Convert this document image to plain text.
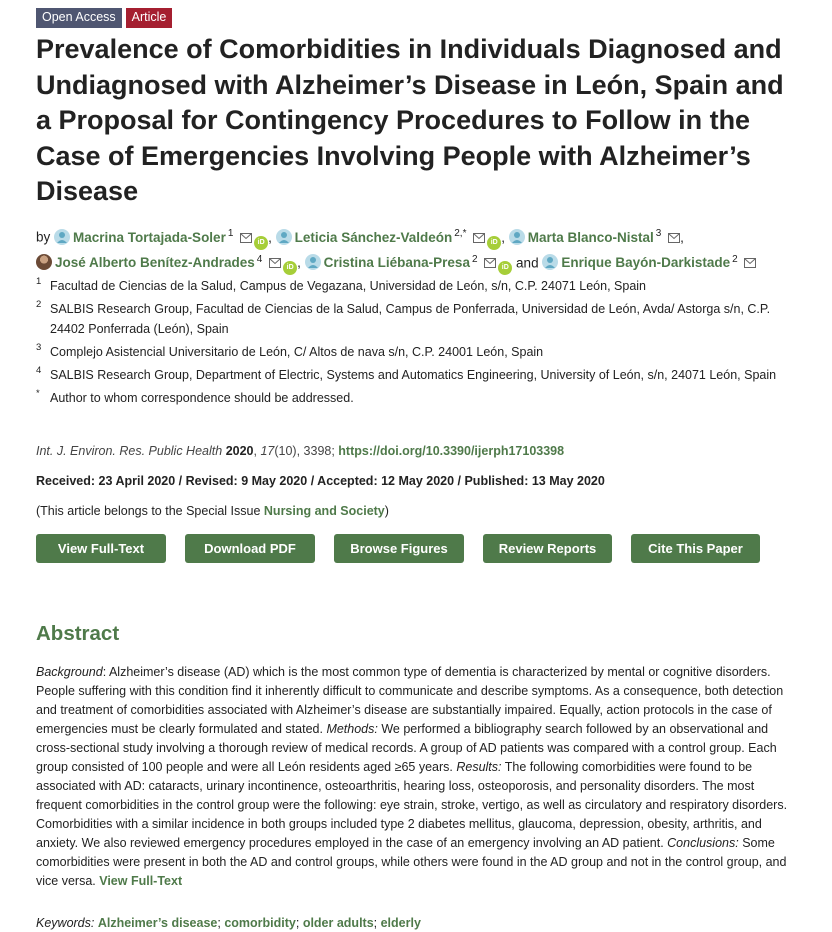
Open Access	Article
Prevalence of Comorbidities in Individuals Diagnosed and Undiagnosed with Alzheimer’s Disease in León, Spain and a Proposal for Contingency Procedures to Follow in the Case of Emergencies Involving People with Alzheimer’s Disease
by Macrina Tortajada-Soler $^1$ iD , Leticia Sánchez-Valdeón $^{2,*}$ iD , Marta Blanco-Nistal $^3$ ,
José Alberto Benítez-Andrades $^4$ iD , Cristina Liébana-Presa $^2$ iD and Enrique Bayón-Darkistade $^2$
1 Facultad de Ciencias de la Salud, Campus de Vegazana, Universidad de León, s/n, C.P. 24071 León, Spain
2 SALBIS Research Group, Facultad de Ciencias de la Salud, Campus de Ponferrada, Universidad de León, Avda/ Astorga s/n, C.P. 24402 Ponferrada (León), Spain
3 Complejo Asistencial Universitario de León, C/ Altos de nava s/n, C.P. 24001 León, Spain
4 SALBIS Research Group, Department of Electric, Systems and Automatics Engineering, University of León, s/n, 24071 León, Spain
* Author to whom correspondence should be addressed.
Int. J. Environ. Res. Public Health 2020, 17(10), 3398; https://doi.org/10.3390/ijerph17103398
Received: 23 April 2020 / Revised: 9 May 2020 / Accepted: 12 May 2020 / Published: 13 May 2020
(This article belongs to the Special Issue Nursing and Society)
View Full-Text	Download PDF	Browse Figures	Review Reports	Cite This Paper
Abstract

Background: Alzheimer’s disease (AD) which is the most common type of dementia is characterized by mental or cognitive disorders. People suffering with this condition find it inherently difficult to communicate and describe symptoms. As a consequence, both detection and treatment of comorbidities associated with Alzheimer’s disease are substantially impaired. Equally, action protocols in the case of emergencies must be clearly formulated and stated. Methods: We performed a bibliography search followed by an observational and cross-sectional study involving a thorough review of medical records. A group of AD patients was compared with a control group. Each group consisted of 100 people and were all León residents aged ≥65 years. Results: The following comorbidities were found to be associated with AD: cataracts, urinary incontinence, osteoarthritis, hearing loss, osteoporosis, and personality disorders. The most frequent comorbidities in the control group were the following: eye strain, stroke, vertigo, as well as circulatory and respiratory disorders. Comorbidities with a similar incidence in both groups included type 2 diabetes mellitus, glaucoma, depression, obesity, arthritis, and anxiety. We also reviewed emergency procedures employed in the case of an emergency involving an AD patient. Conclusions: Some comorbidities were present in both the AD and control groups, while others were found in the AD group and not in the control group, and vice versa. View Full-Text

Keywords: Alzheimer’s disease; comorbidity; older adults; elderly
